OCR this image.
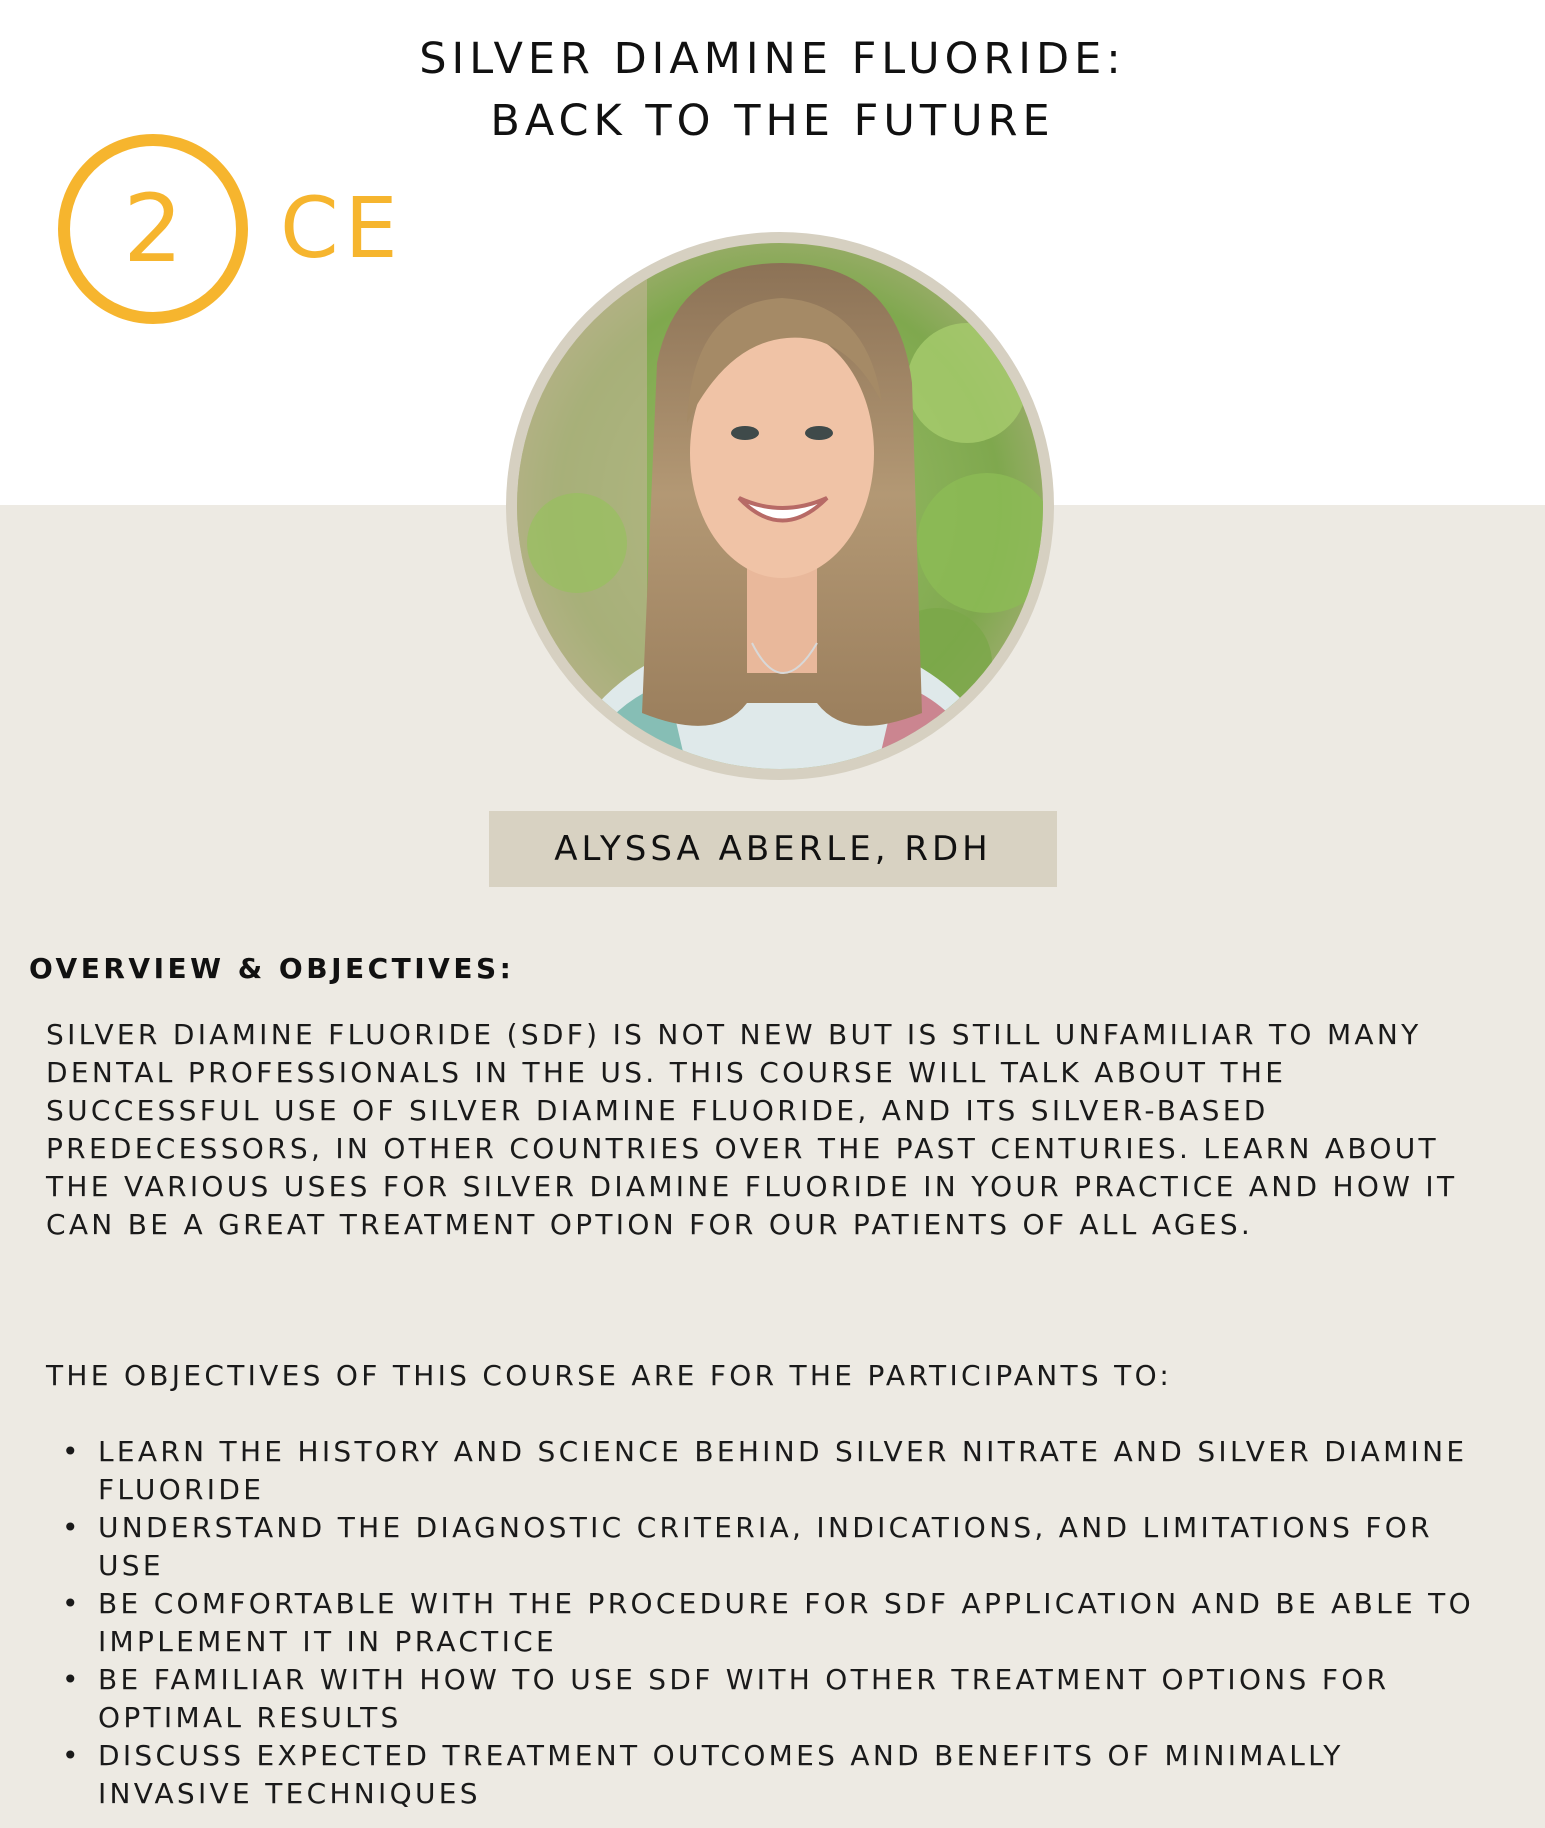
SILVER DIAMINE FLUORIDE:
BACK TO THE FUTURE
2 CE
ALYSSA ABERLE, RDH
OVERVIEW & OBJECTIVES:

SILVER DIAMINE FLUORIDE (SDF) IS NOT NEW BUT IS STILL UNFAMILIAR TO MANY DENTAL PROFESSIONALS IN THE US. THIS COURSE WILL TALK ABOUT THE SUCCESSFUL USE OF SILVER DIAMINE FLUORIDE, AND ITS SILVER-BASED PREDECESSORS, IN OTHER COUNTRIES OVER THE PAST CENTURIES. LEARN ABOUT THE VARIOUS USES FOR SILVER DIAMINE FLUORIDE IN YOUR PRACTICE AND HOW IT CAN BE A GREAT TREATMENT OPTION FOR OUR PATIENTS OF ALL AGES.

THE OBJECTIVES OF THIS COURSE ARE FOR THE PARTICIPANTS TO:

• LEARN THE HISTORY AND SCIENCE BEHIND SILVER NITRATE AND SILVER DIAMINE FLUORIDE
• UNDERSTAND THE DIAGNOSTIC CRITERIA, INDICATIONS, AND LIMITATIONS FOR USE
• BE COMFORTABLE WITH THE PROCEDURE FOR SDF APPLICATION AND BE ABLE TO IMPLEMENT IT IN PRACTICE
• BE FAMILIAR WITH HOW TO USE SDF WITH OTHER TREATMENT OPTIONS FOR OPTIMAL RESULTS
• DISCUSS EXPECTED TREATMENT OUTCOMES AND BENEFITS OF MINIMALLY INVASIVE TECHNIQUES
